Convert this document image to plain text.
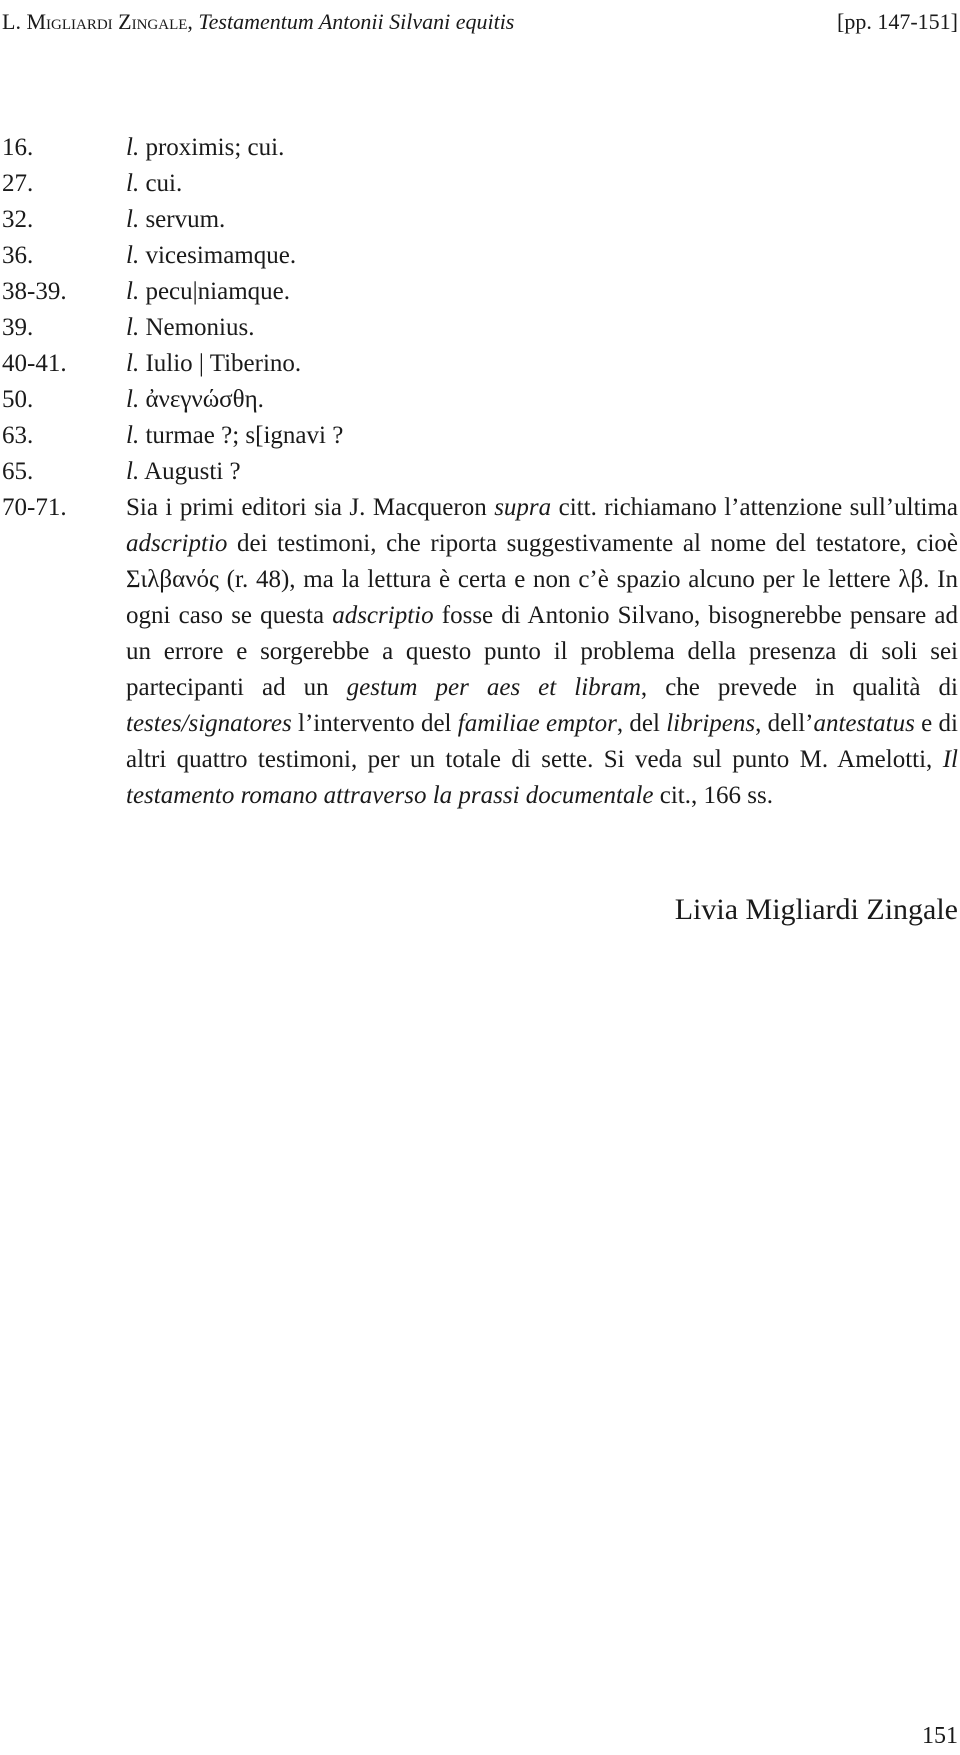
L. Migliardi Zingale, Testamentum Antonii Silvani equitis	[pp. 147-151]
16.	l. proximis; cui.
27.	l. cui.
32.	l. servum.
36.	l. vicesimamque.
38-39.	l. pecu|niamque.
39.	l. Nemonius.
40-41.	l. Iulio | Tiberino.
50.	l. ἀνεγνώσθη.
63.	l. turmae ?; s[ignavi ?
65.	l. Augusti ?
70-71.	Sia i primi editori sia J. Macqueron supra citt. richiamano l’attenzione sull’ultima adscriptio dei testimoni, che riporta suggestivamente al nome del testatore, cioè Σιλβανός (r. 48), ma la lettura è certa e non c’è spazio alcuno per le lettere λβ. In ogni caso se questa adscriptio fosse di Antonio Silvano, bisognerebbe pensare ad un errore e sorgerebbe a questo punto il problema della presenza di soli sei partecipanti ad un gestum per aes et libram, che prevede in qualità di testes/signatores l’intervento del familiae emptor, del libripens, dell’antestatus e di altri quattro testimoni, per un totale di sette. Si veda sul punto M. Amelotti, Il testamento romano attraverso la prassi documentale cit., 166 ss.
Livia Migliardi Zingale
151
